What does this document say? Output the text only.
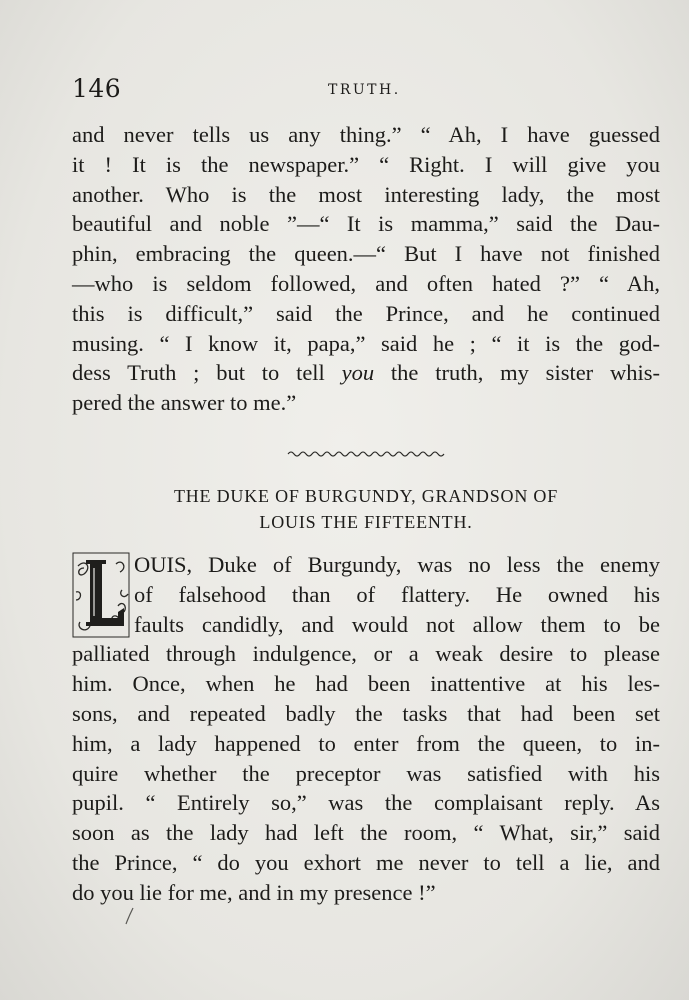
146	TRUTH.
and never tells us any thing.” “ Ah, I have guessed
it ! It is the newspaper.” “ Right. I will give you
another. Who is the most interesting lady, the most
beautiful and noble ”—“ It is mamma,” said the Dau-
phin, embracing the queen.—“ But I have not finished
—who is seldom followed, and often hated ?” “ Ah,
this is difficult,” said the Prince, and he continued
musing. “ I know it, papa,” said he ; “ it is the god-
dess Truth ; but to tell you the truth, my sister whis-
pered the answer to me.”
THE DUKE OF BURGUNDY, GRANDSON OF
LOUIS THE FIFTEENTH.
OUIS, Duke of Burgundy, was no less the enemy
of falsehood than of flattery. He owned his
faults candidly, and would not allow them to be
palliated through indulgence, or a weak desire to please
him. Once, when he had been inattentive at his les-
sons, and repeated badly the tasks that had been set
him, a lady happened to enter from the queen, to in-
quire whether the preceptor was satisfied with his
pupil. “ Entirely so,” was the complaisant reply. As
soon as the lady had left the room, “ What, sir,” said
the Prince, “ do you exhort me never to tell a lie, and
do you lie for me, and in my presence !”
